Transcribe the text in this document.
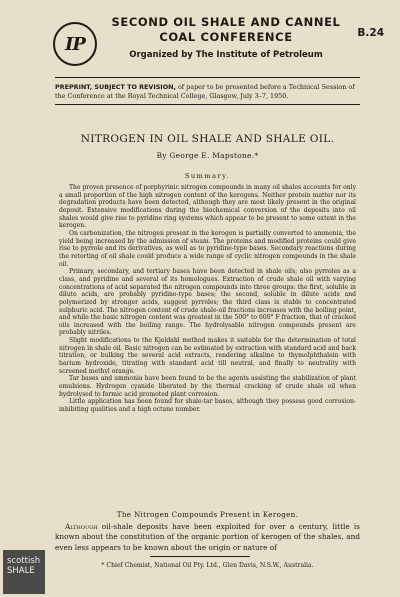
IP
SECOND OIL SHALE AND CANNEL
COAL CONFERENCE
Organized by The Institute of Petroleum
B.24
PREPRINT, SUBJECT TO REVISION, of paper to be presented before a Technical Session of the Conference at the Royal Technical College, Glasgow, July 3–7, 1950.
NITROGEN IN OIL SHALE AND SHALE OIL.
By George E. Mapstone.*
Summary.

The proven presence of porphyrinic nitrogen compounds in many oil shales accounts for only a small proportion of the high nitrogen content of the kerogens. Neither protein matter nor its degradation products have been detected, although they are most likely present in the original deposit. Extensive modifications during the biochemical conversion of the deposits into oil shales would give rise to pyridine ring systems which appear to be present to some extent in the kerogen.

On carbonization, the nitrogen present in the kerogen is partially converted to ammonia, the yield being increased by the admission of steam. The proteins and modified proteins could give rise to pyrrole and its derivatives, as well as to pyridine-type bases. Secondary reactions during the retorting of oil shale could produce a wide range of cyclic nitrogen compounds in the shale oil.

Primary, secondary, and tertiary bases have been detected in shale oils; also pyrroles as a class, and pyridine and several of its homologues. Extraction of crude shale oil with varying concentrations of acid separated the nitrogen compounds into three groups: the first, soluble in dilute acids, are probably pyridine-type bases; the second, soluble in dilute acids and polymerized by stronger acids, suggest pyrroles; the third class is stable to concentrated sulphuric acid. The nitrogen content of crude shale-oil fractions increases with the boiling point, and while the basic nitrogen content was greatest in the 500° to 600° F fraction, that of cracked oils increased with the boiling range. The hydrolysable nitrogen compounds present are probably nitriles.

Slight modifications to the Kjeldahl method makes it suitable for the determination of total nitrogen in shale oil. Basic nitrogen can be estimated by extraction with standard acid and back titration, or bulking the several acid extracts, rendering alkaline to thymolphthalein with barium hydroxide, titrating with standard acid till neutral, and finally to neutrality with screened methyl orange.

Tar bases and ammonia have been found to be the agents assisting the stabilization of plant emulsions. Hydrogen cyanide liberated by the thermal cracking of crude shale oil when hydrolysed to formic acid promoted plant corrosion.

Little application has been found for shale-tar bases, although they possess good corrosion-inhibiting qualities and a high octane number.

The Nitrogen Compounds Present in Kerogen.

Although oil-shale deposits have been exploited for over a century, little is known about the constitution of the organic portion of kerogen of the shales, and even less appears to be known about the origin or nature of

* Chief Chemist, National Oil Pty. Ltd., Glen Davis, N.S.W., Australia.
scottish
SHALE
